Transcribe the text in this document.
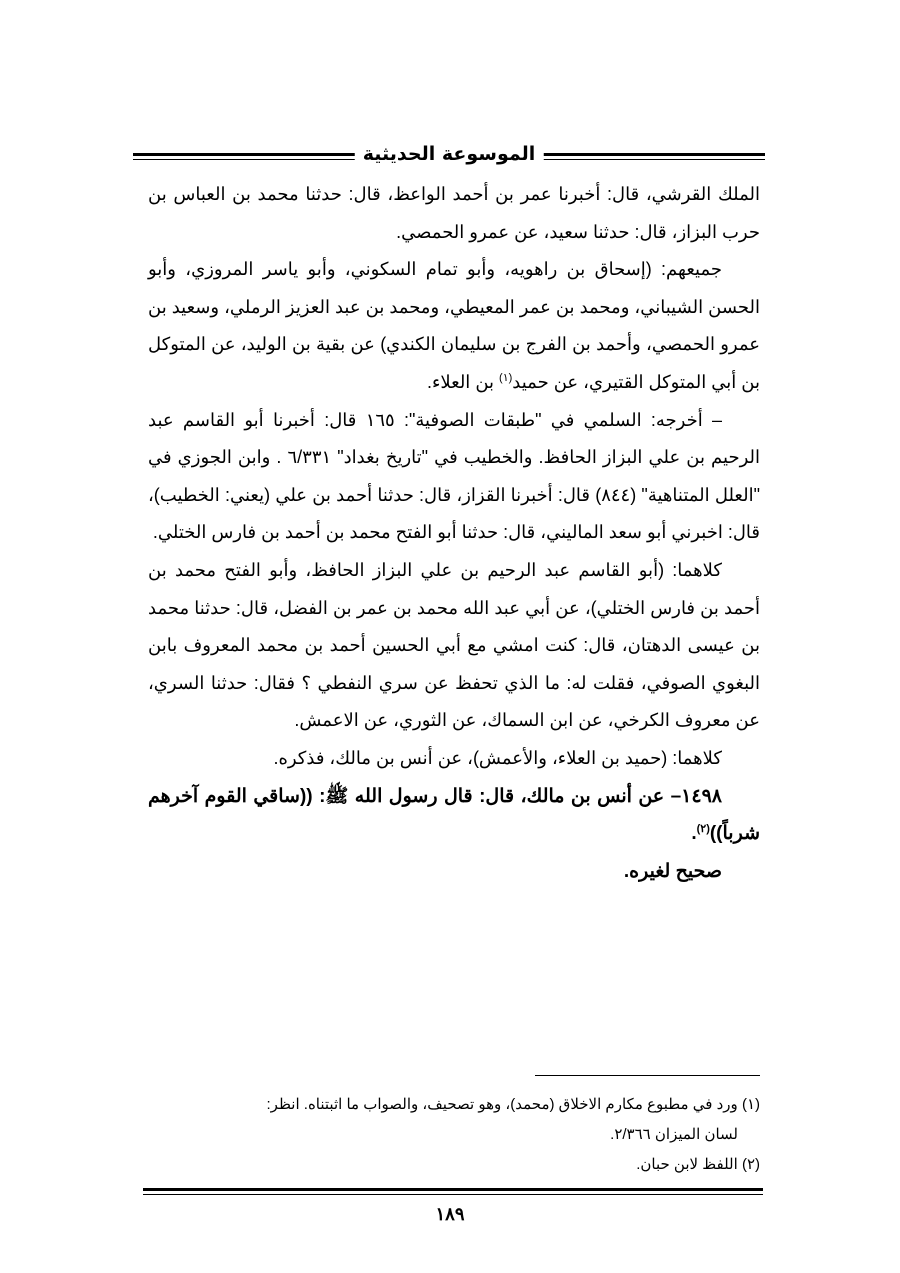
الموسوعة الحديثية

الملك القرشي، قال: أخبرنا عمر بن أحمد الواعظ، قال: حدثنا محمد بن العباس بن حرب البزاز، قال: حدثنا سعيد، عن عمرو الحمصي.

جميعهم: (إسحاق بن راهويه، وأبو تمام السكوني، وأبو ياسر المروزي، وأبو الحسن الشيباني، ومحمد بن عمر المعيطي، ومحمد بن عبد العزيز الرملي، وسعيد بن عمرو الحمصي، وأحمد بن الفرج بن سليمان الكندي) عن بقية بن الوليد، عن المتوكل بن أبي المتوكل القتيري، عن حميد$^{(١)}$ بن العلاء.

– أخرجه: السلمي في "طبقات الصوفية": ١٦٥ قال: أخبرنا أبو القاسم عبد الرحيم بن علي البزاز الحافظ. والخطيب في "تاريخ بغداد" ٦/٣٣١ . وابن الجوزي في "العلل المتناهية" (٨٤٤) قال: أخبرنا القزاز، قال: حدثنا أحمد بن علي (يعني: الخطيب)، قال: اخبرني أبو سعد الماليني، قال: حدثنا أبو الفتح محمد بن أحمد بن فارس الختلي.

كلاهما: (أبو القاسم عبد الرحيم بن علي البزاز الحافظ، وأبو الفتح محمد بن أحمد بن فارس الختلي)، عن أبي عبد الله محمد بن عمر بن الفضل، قال: حدثنا محمد بن عيسى الدهتان، قال: كنت امشي مع أبي الحسين أحمد بن محمد المعروف بابن البغوي الصوفي، فقلت له: ما الذي تحفظ عن سري النفطي ؟ فقال: حدثنا السري، عن معروف الكرخي، عن ابن السماك، عن الثوري، عن الاعمش.

كلاهما: (حميد بن العلاء، والأعمش)، عن أنس بن مالك، فذكره.

١٤٩٨– عن أنس بن مالك، قال: قال رسول الله ﷺ: ((ساقي القوم آخرهم شرباً))$^{(٢)}$.

صحيح لغيره.

(١) ورد في مطبوع مكارم الاخلاق (محمد)، وهو تصحيف، والصواب ما اثبتناه. انظر:

لسان الميزان ٢/٣٦٦.

(٢) اللفظ لابن حبان.

١٨٩
